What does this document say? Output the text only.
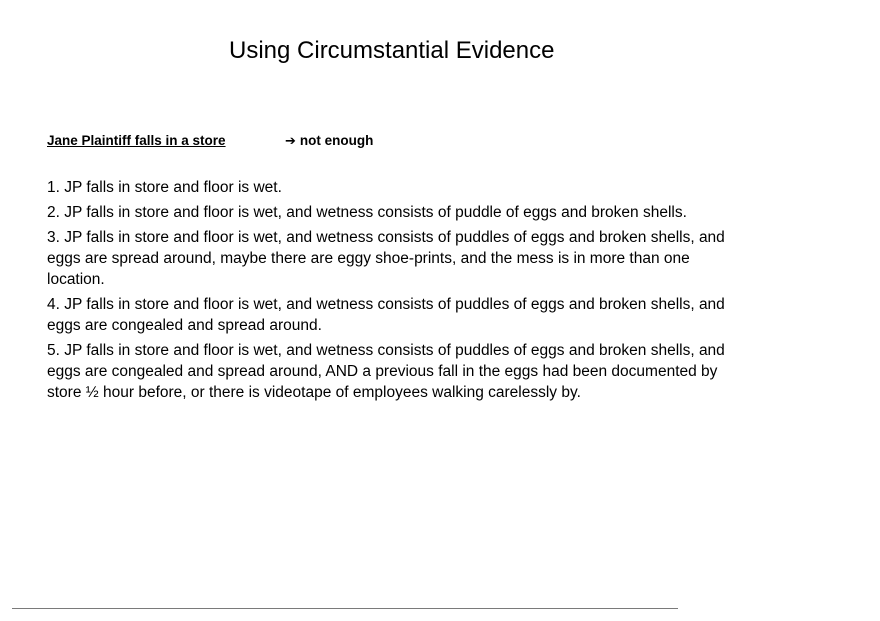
Using Circumstantial Evidence
Jane Plaintiff falls in a store	➔ not enough
1. JP falls in store and floor is wet.
2. JP falls in store and floor is wet, and wetness consists of puddle of eggs and broken shells.
3. JP falls in store and floor is wet, and wetness consists of puddles of eggs and broken shells, and eggs are spread around, maybe there are eggy shoe-prints, and the mess is in more than one location.
4. JP falls in store and floor is wet, and wetness consists of puddles of eggs and broken shells, and eggs are congealed and spread around.
5. JP falls in store and floor is wet, and wetness consists of puddles of eggs and broken shells, and eggs are congealed and spread around, AND a previous fall in the eggs had been documented by store ½ hour before, or there is videotape of employees walking carelessly by.
